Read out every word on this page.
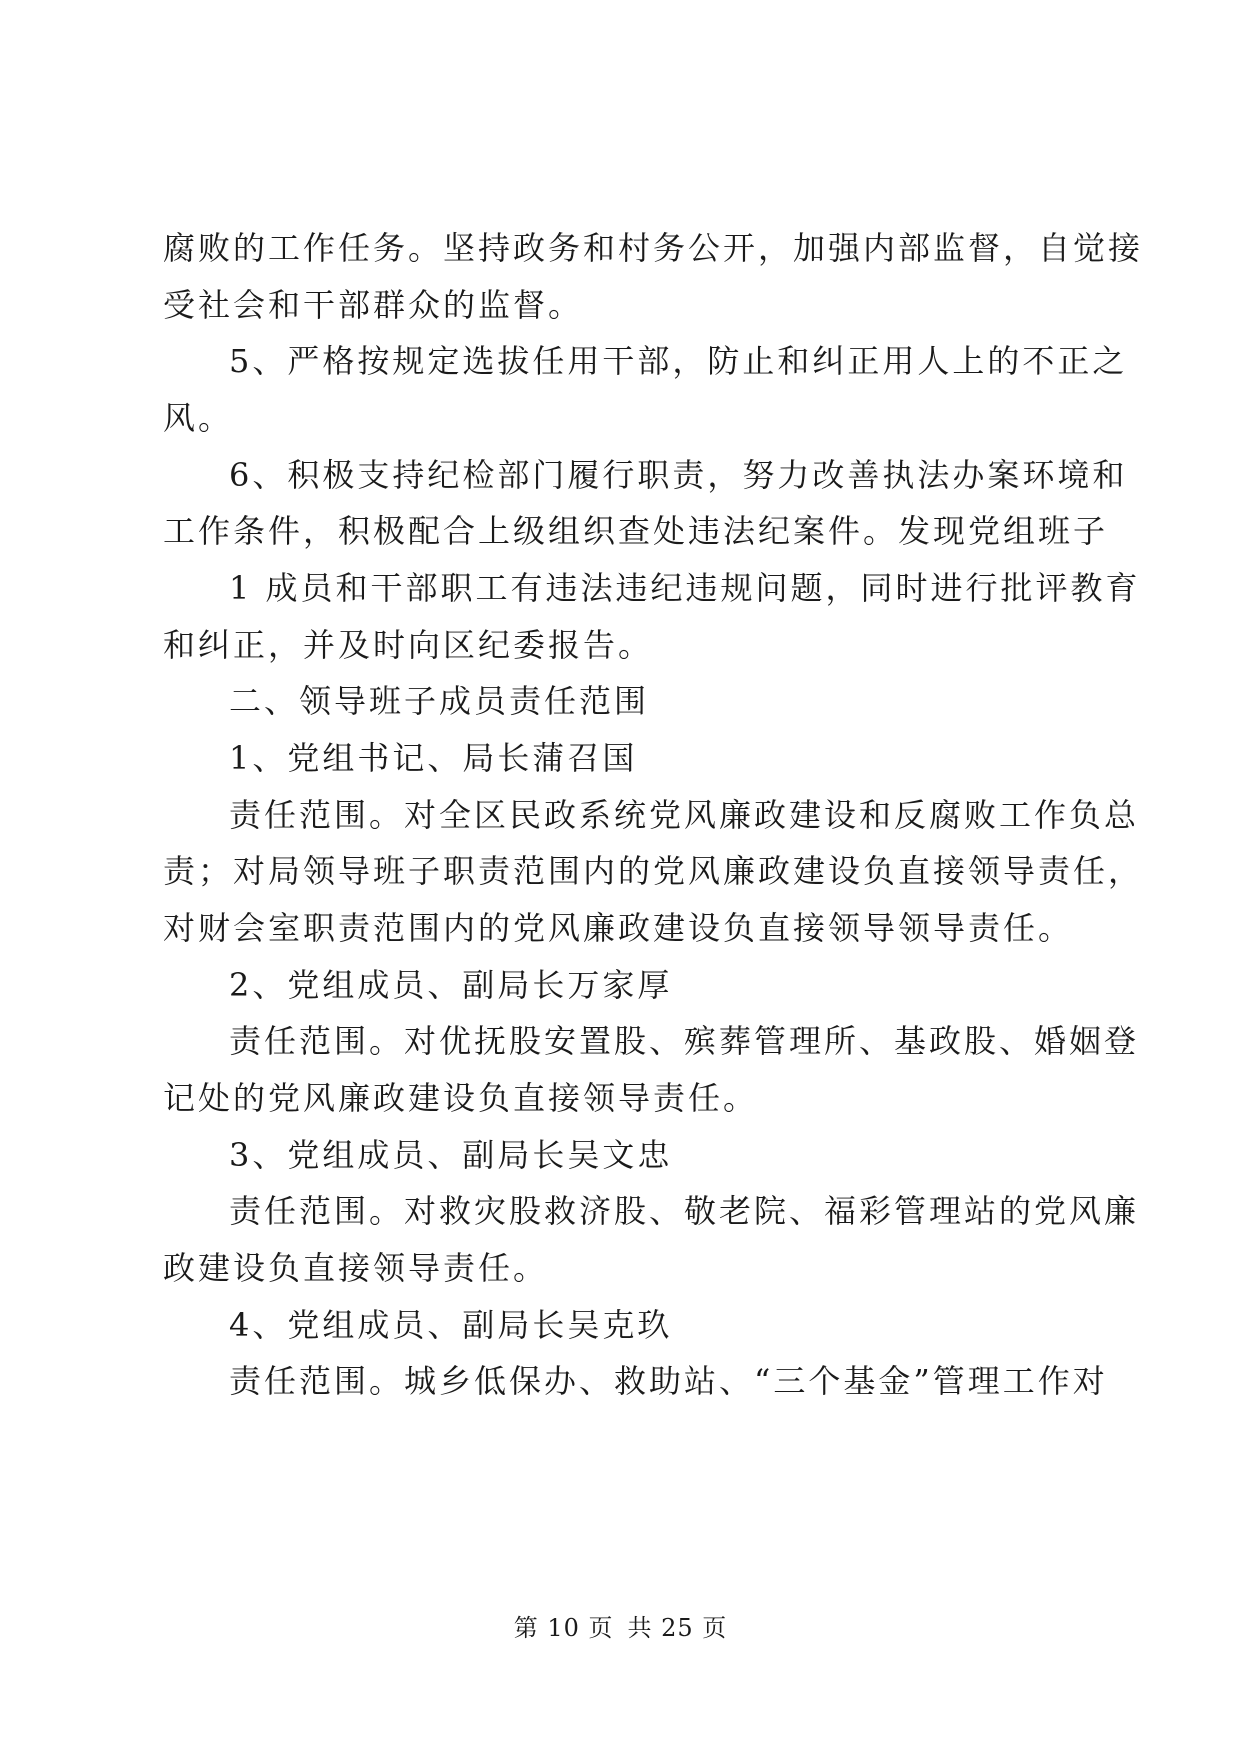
腐败的工作任务。坚持政务和村务公开，加强内部监督，自觉接
受社会和干部群众的监督。
5、严格按规定选拔任用干部，防止和纠正用人上的不正之
风。
6、积极支持纪检部门履行职责，努力改善执法办案环境和
工作条件，积极配合上级组织查处违法纪案件。发现党组班子
1 成员和干部职工有违法违纪违规问题，同时进行批评教育
和纠正，并及时向区纪委报告。
二、领导班子成员责任范围
1、党组书记、局长蒲召国
责任范围。对全区民政系统党风廉政建设和反腐败工作负总
责；对局领导班子职责范围内的党风廉政建设负直接领导责任，
对财会室职责范围内的党风廉政建设负直接领导领导责任。
2、党组成员、副局长万家厚
责任范围。对优抚股安置股、殡葬管理所、基政股、婚姻登
记处的党风廉政建设负直接领导责任。
3、党组成员、副局长吴文忠
责任范围。对救灾股救济股、敬老院、福彩管理站的党风廉
政建设负直接领导责任。
4、党组成员、副局长吴克玖
责任范围。城乡低保办、救助站、“三个基金”管理工作对
第 10 页 共 25 页
